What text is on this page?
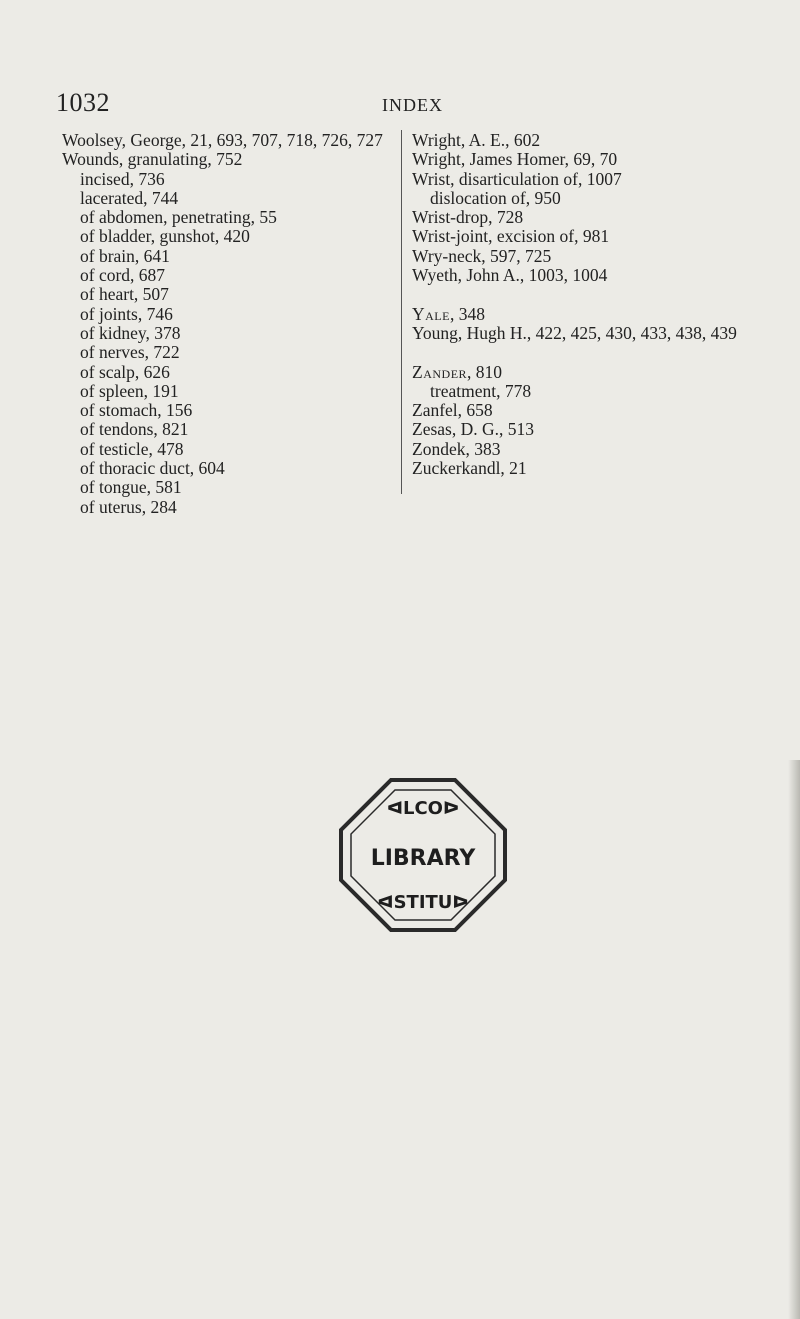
1032	INDEX
Woolsey, George, 21, 693, 707, 718, 726, 727
Wounds, granulating, 752
incised, 736
lacerated, 744
of abdomen, penetrating, 55
of bladder, gunshot, 420
of brain, 641
of cord, 687
of heart, 507
of joints, 746
of kidney, 378
of nerves, 722
of scalp, 626
of spleen, 191
of stomach, 156
of tendons, 821
of testicle, 478
of thoracic duct, 604
of tongue, 581
of uterus, 284
Wright, A. E., 602
Wright, James Homer, 69, 70
Wrist, disarticulation of, 1007
dislocation of, 950
Wrist-drop, 728
Wrist-joint, excision of, 981
Wry-neck, 597, 725
Wyeth, John A., 1003, 1004
Yale, 348
Young, Hugh H., 422, 425, 430, 433, 438, 439
Zander, 810
treatment, 778
Zanfel, 658
Zesas, D. G., 513
Zondek, 383
Zuckerkandl, 21
LIBRARY
ᐊLCOᐅ
ᐊSTITUᐅ
